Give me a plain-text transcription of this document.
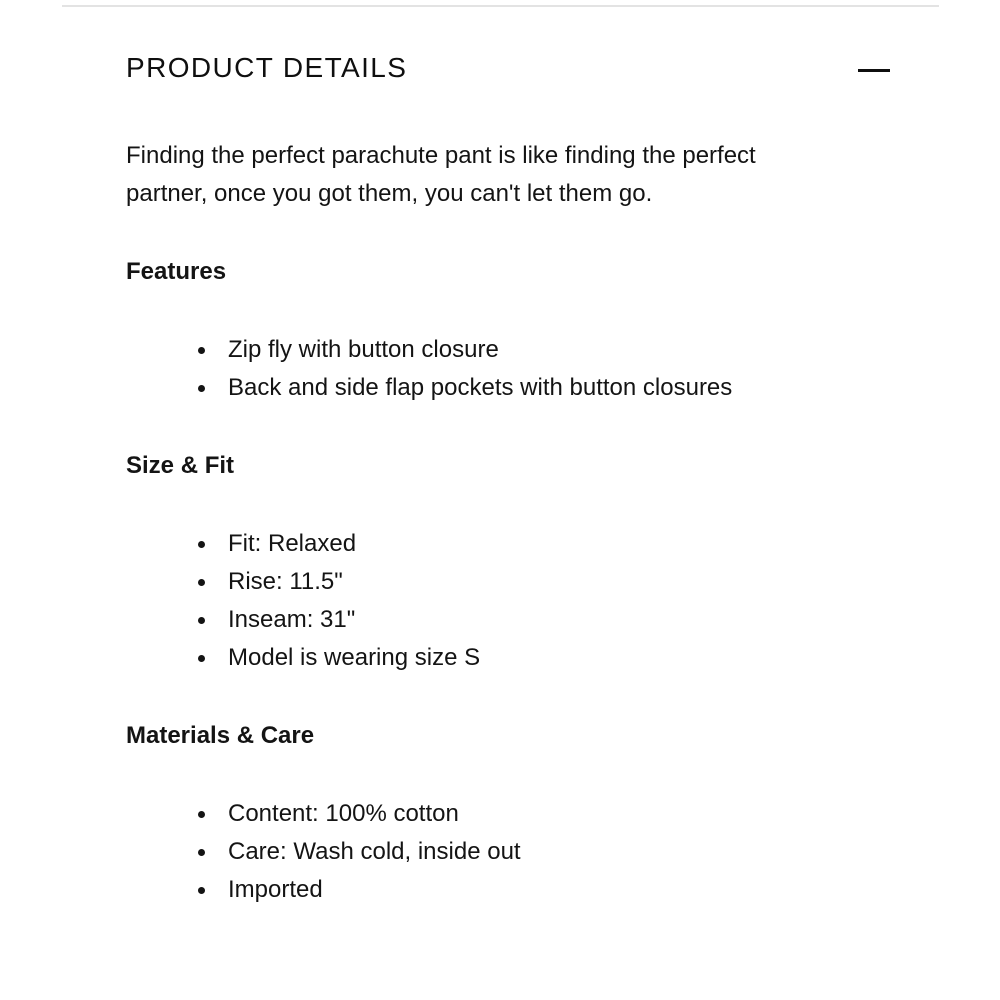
PRODUCT DETAILS

Finding the perfect parachute pant is like finding the perfect
partner, once you got them, you can't let them go.

Features
Zip fly with button closure
Back and side flap pockets with button closures
Size & Fit
Fit: Relaxed
Rise: 11.5"
Inseam: 31"
Model is wearing size S
Materials & Care
Content: 100% cotton
Care: Wash cold, inside out
Imported
